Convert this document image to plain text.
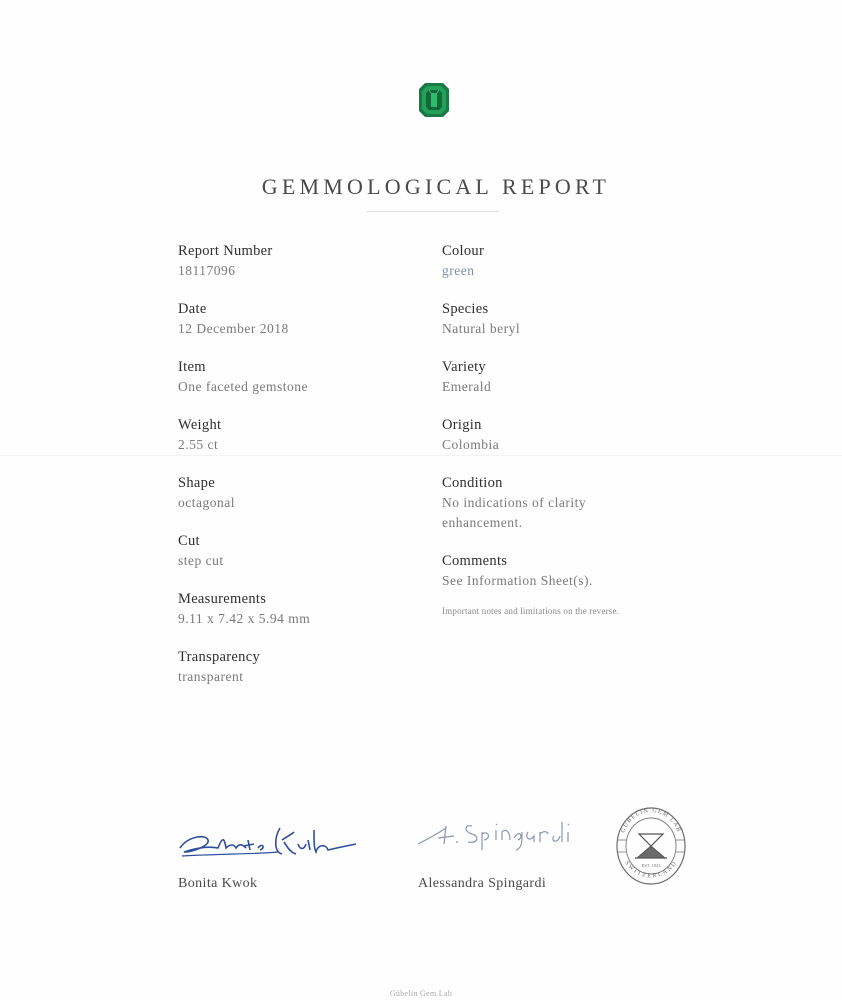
GEMMOLOGICAL REPORT
Report Number
18117096
Date
12 December 2018
Item
One faceted gemstone
Weight
2.55 ct
Shape
octagonal
Cut
step cut
Measurements
9.11 x 7.42 x 5.94 mm
Transparency
transparent
Colour
green
Species
Natural beryl
Variety
Emerald
Origin
Colombia
Condition
No indications of clarity
enhancement.
Comments
See Information Sheet(s).
Important notes and limitations on the reverse.
Bonita Kwok	Alessandra Spingardi
EST. 1923
GÜBELIN GEM LAB
SWITZERLAND
Gübelin Gem Lab
